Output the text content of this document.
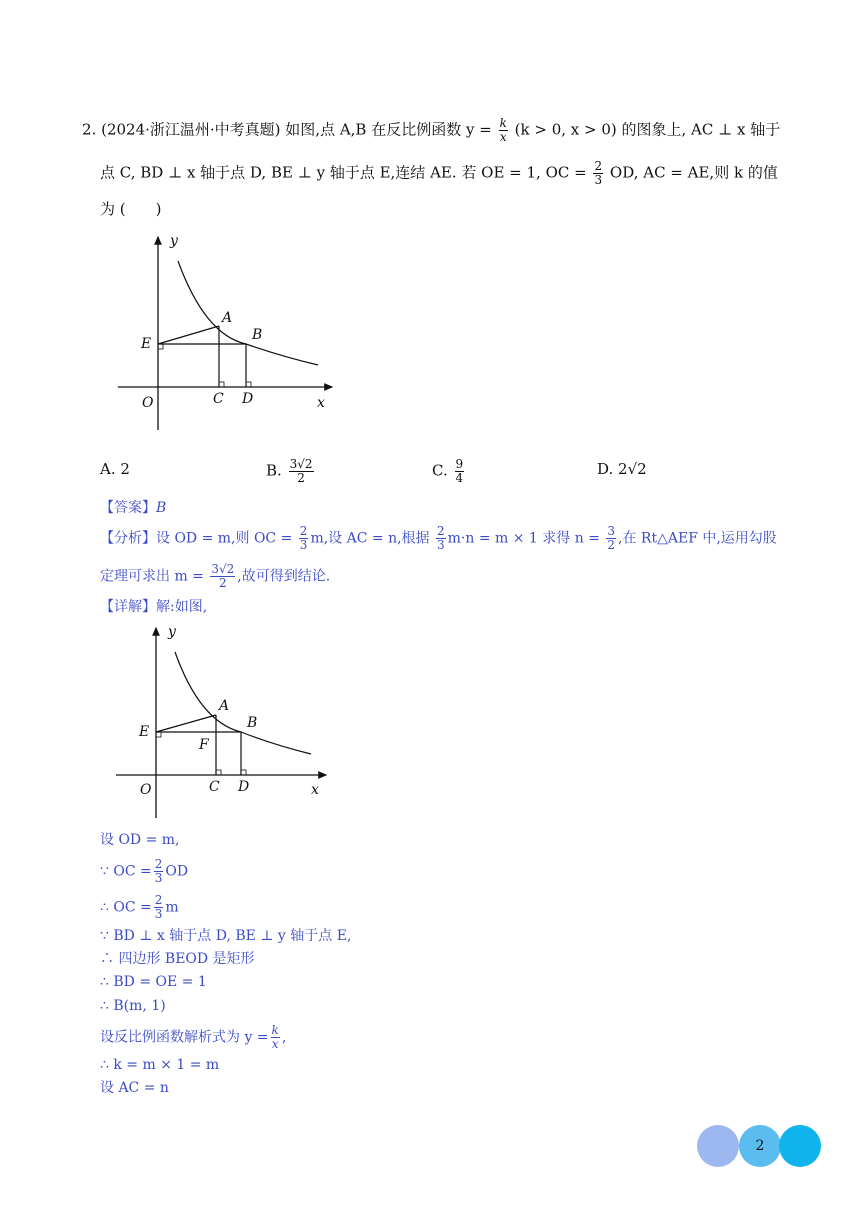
2. (2024·浙江温州·中考真题) 如图,点 A,B 在反比例函数 $y = \frac{k}{x} (k > 0$, x > 0) 的图象上, AC ⊥ x 轴于
点 C, BD ⊥ x 轴于点 D, BE ⊥ y 轴于点 E,连结 AE. 若 OE = 1, OC = $\frac{2}{3}$ OD, AC = AE,则 k 的值
为 (　　)
y
x
O
E
A
B
C D
A. 2	B. $\frac{3√2}{2}$	C. $\frac{9}{4}$	D. 2√2
【答案】B
【分析】设 OD = m,则 OC = $\frac{2}{3} m$,设 AC = n,根据 $\frac{2}{3} m\cdot n = m \times 1$ 求得 $n = \frac{3}{2}$ ,在 Rt△AEF 中,运用勾股
定理可求出 $m = \frac{3√2}{2}$ ,故可得到结论.
【详解】解:如图,
y
x
O
E
A
B
F
C D
设 OD = m,
∵ OC = $\frac{2}{3}$ OD
∴ OC = $\frac{2}{3}$ m
∵ BD ⊥ x 轴于点 D, BE ⊥ y 轴于点 E,
∴ 四边形 BEOD 是矩形
∴ BD = OE = 1
∴ B(m, 1)
设反比例函数解析式为 $y = \frac{k}{x}$ ,
∴ k = m × 1 = m
设 AC = n
2
